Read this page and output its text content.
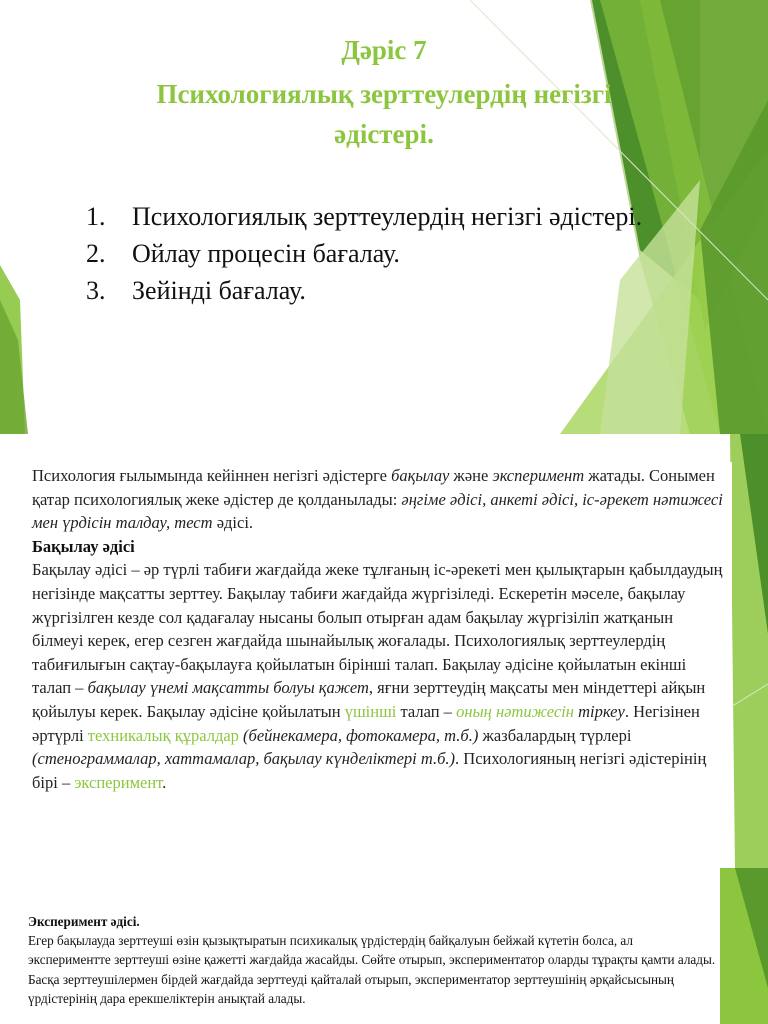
Дәріс 7
Психологиялық зерттеулердің негізгі
әдістері.
1. Психологиялық зерттеулердің негізгі әдістері.
2. Ойлау процесін бағалау.
3. Зейінді бағалау.
Психология ғылымында кейіннен негізгі әдістерге бақылау және эксперимент жатады. Сонымен қатар психологиялық жеке әдістер де қолданылады: әңгіме әдісі, анкеті әдісі, іс-әрекет нәтижесі мен үрдісін талдау, тест әдісі.
Бақылау әдісі
Бақылау әдісі – әр түрлі табиғи жағдайда жеке тұлғаның іс-әрекеті мен қылықтарын қабылдаудың негізінде мақсатты зерттеу. Бақылау табиғи жағдайда жүргізіледі. Ескеретін мәселе, бақылау жүргізілген кезде сол қадағалау нысаны болып отырған адам бақылау жүргізіліп жатқанын білмеуі керек, егер сезген жағдайда шынайылық жоғалады. Психологиялық зерттеулердің табиғилығын сақтау-бақылауға қойылатын бірінші талап. Бақылау әдісіне қойылатын екінші талап – бақылау үнемі мақсатты болуы қажет, яғни зерттеудің мақсаты мен міндеттері айқын қойылуы керек. Бақылау әдісіне қойылатын үшінші талап – оның нәтижесін тіркеу. Негізінен әртүрлі техникалық құралдар (бейнекамера, фотокамера, т.б.) жазбалардың түрлері (стенограммалар, хаттамалар, бақылау күнделіктері т.б.). Психологияның негізгі әдістерінің бірі – эксперимент.
Эксперимент әдісі.
Егер бақылауда зерттеуші өзін қызықтыратын психикалық үрдістердің байқалуын бейжай күтетін болса, ал экспериментте зерттеуші өзіне қажетті жағдайда жасайды. Сөйте отырып, экспериментатор оларды тұрақты қамти алады. Басқа зерттеушілермен бірдей жағдайда зерттеуді қайталай отырып, экспериментатор зерттеушінің әрқайсысының үрдістерінің дара ерекшеліктерін анықтай алады.
